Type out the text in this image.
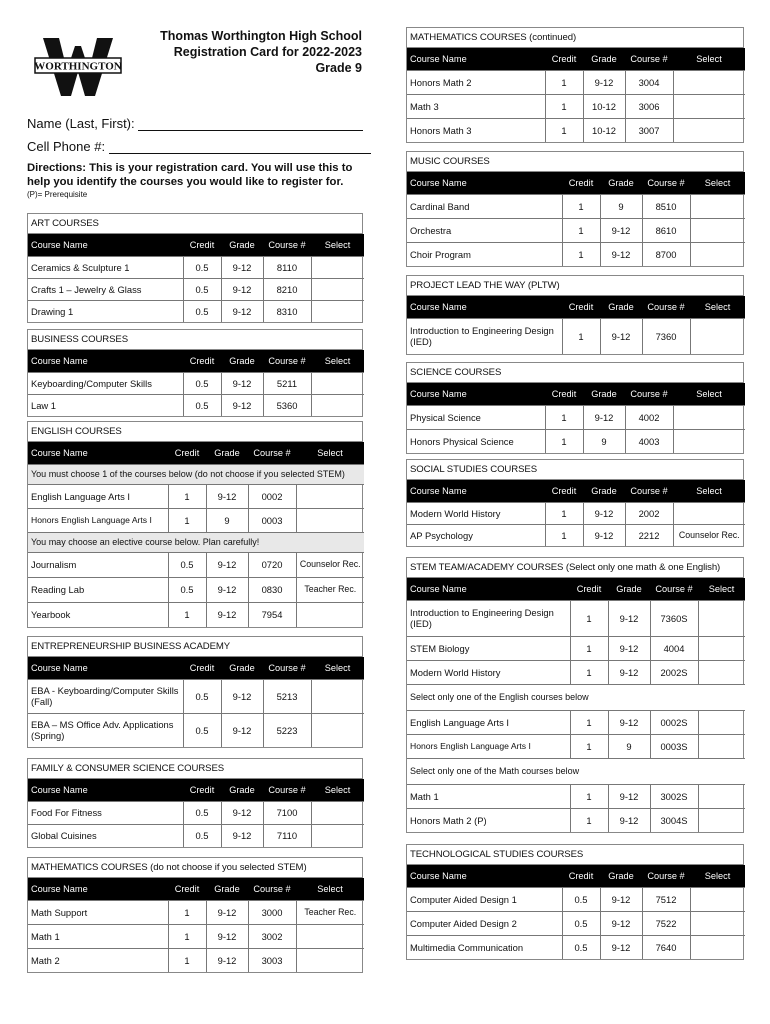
WORTHINGTON
Thomas Worthington High School
Registration Card for 2022-2023
Grade 9
Name (Last, First):
Cell Phone #:
Directions: This is your registration card. You will use this to help you identify the courses you would like to register for.
(P)= Prerequisite
ART COURSES
Course Name	Credit	Grade	Course #	Select
Ceramics & Sculpture 1	0.5	9-12	8110	
Crafts 1 – Jewelry & Glass	0.5	9-12	8210	
Drawing 1	0.5	9-12	8310	
BUSINESS COURSES
Course Name	Credit	Grade	Course #	Select
Keyboarding/Computer Skills	0.5	9-12	5211	
Law 1	0.5	9-12	5360	
ENGLISH COURSES
Course Name	Credit	Grade	Course #	Select
You must choose 1 of the courses below (do not choose if you selected STEM)				
English Language Arts I	1	9-12	0002	
Honors English Language Arts I	1	9	0003	
You may choose an elective course below. Plan carefully!				
Journalism	0.5	9-12	0720	Counselor Rec.
Reading Lab	0.5	9-12	0830	Teacher Rec.
Yearbook	1	9-12	7954	
ENTREPRENEURSHIP BUSINESS ACADEMY
Course Name	Credit	Grade	Course #	Select
EBA - Keyboarding/Computer Skills (Fall)	0.5	9-12	5213	
EBA – MS Office Adv. Applications (Spring)	0.5	9-12	5223	
FAMILY & CONSUMER SCIENCE COURSES
Course Name	Credit	Grade	Course #	Select
Food For Fitness	0.5	9-12	7100	
Global Cuisines	0.5	9-12	7110	
MATHEMATICS COURSES (do not choose if you selected STEM)
Course Name	Credit	Grade	Course #	Select
Math Support	1	9-12	3000	Teacher Rec.
Math 1	1	9-12	3002	
Math 2	1	9-12	3003	
MATHEMATICS COURSES (continued)
Course Name	Credit	Grade	Course #	Select
Honors Math 2	1	9-12	3004	
Math 3	1	10-12	3006	
Honors Math 3	1	10-12	3007	
MUSIC COURSES
Course Name	Credit	Grade	Course #	Select
Cardinal Band	1	9	8510	
Orchestra	1	9-12	8610	
Choir Program	1	9-12	8700	
PROJECT LEAD THE WAY (PLTW)
Course Name	Credit	Grade	Course #	Select
Introduction to Engineering Design (IED)	1	9-12	7360	
SCIENCE COURSES
Course Name	Credit	Grade	Course #	Select
Physical Science	1	9-12	4002	
Honors Physical Science	1	9	4003	
SOCIAL STUDIES COURSES
Course Name	Credit	Grade	Course #	Select
Modern World History	1	9-12	2002	
AP Psychology	1	9-12	2212	Counselor Rec.
STEM TEAM/ACADEMY COURSES (Select only one math & one English)
Course Name	Credit	Grade	Course #	Select
Introduction to Engineering Design (IED)	1	9-12	7360S	
STEM Biology	1	9-12	4004	
Modern World History	1	9-12	2002S	
Select only one of the English courses below				
English Language Arts I	1	9-12	0002S	
Honors English Language Arts I	1	9	0003S	
Select only one of the Math courses below				
Math 1	1	9-12	3002S	
Honors Math 2 (P)	1	9-12	3004S	
TECHNOLOGICAL STUDIES COURSES
Course Name	Credit	Grade	Course #	Select
Computer Aided Design 1	0.5	9-12	7512	
Computer Aided Design 2	0.5	9-12	7522	
Multimedia Communication	0.5	9-12	7640	
